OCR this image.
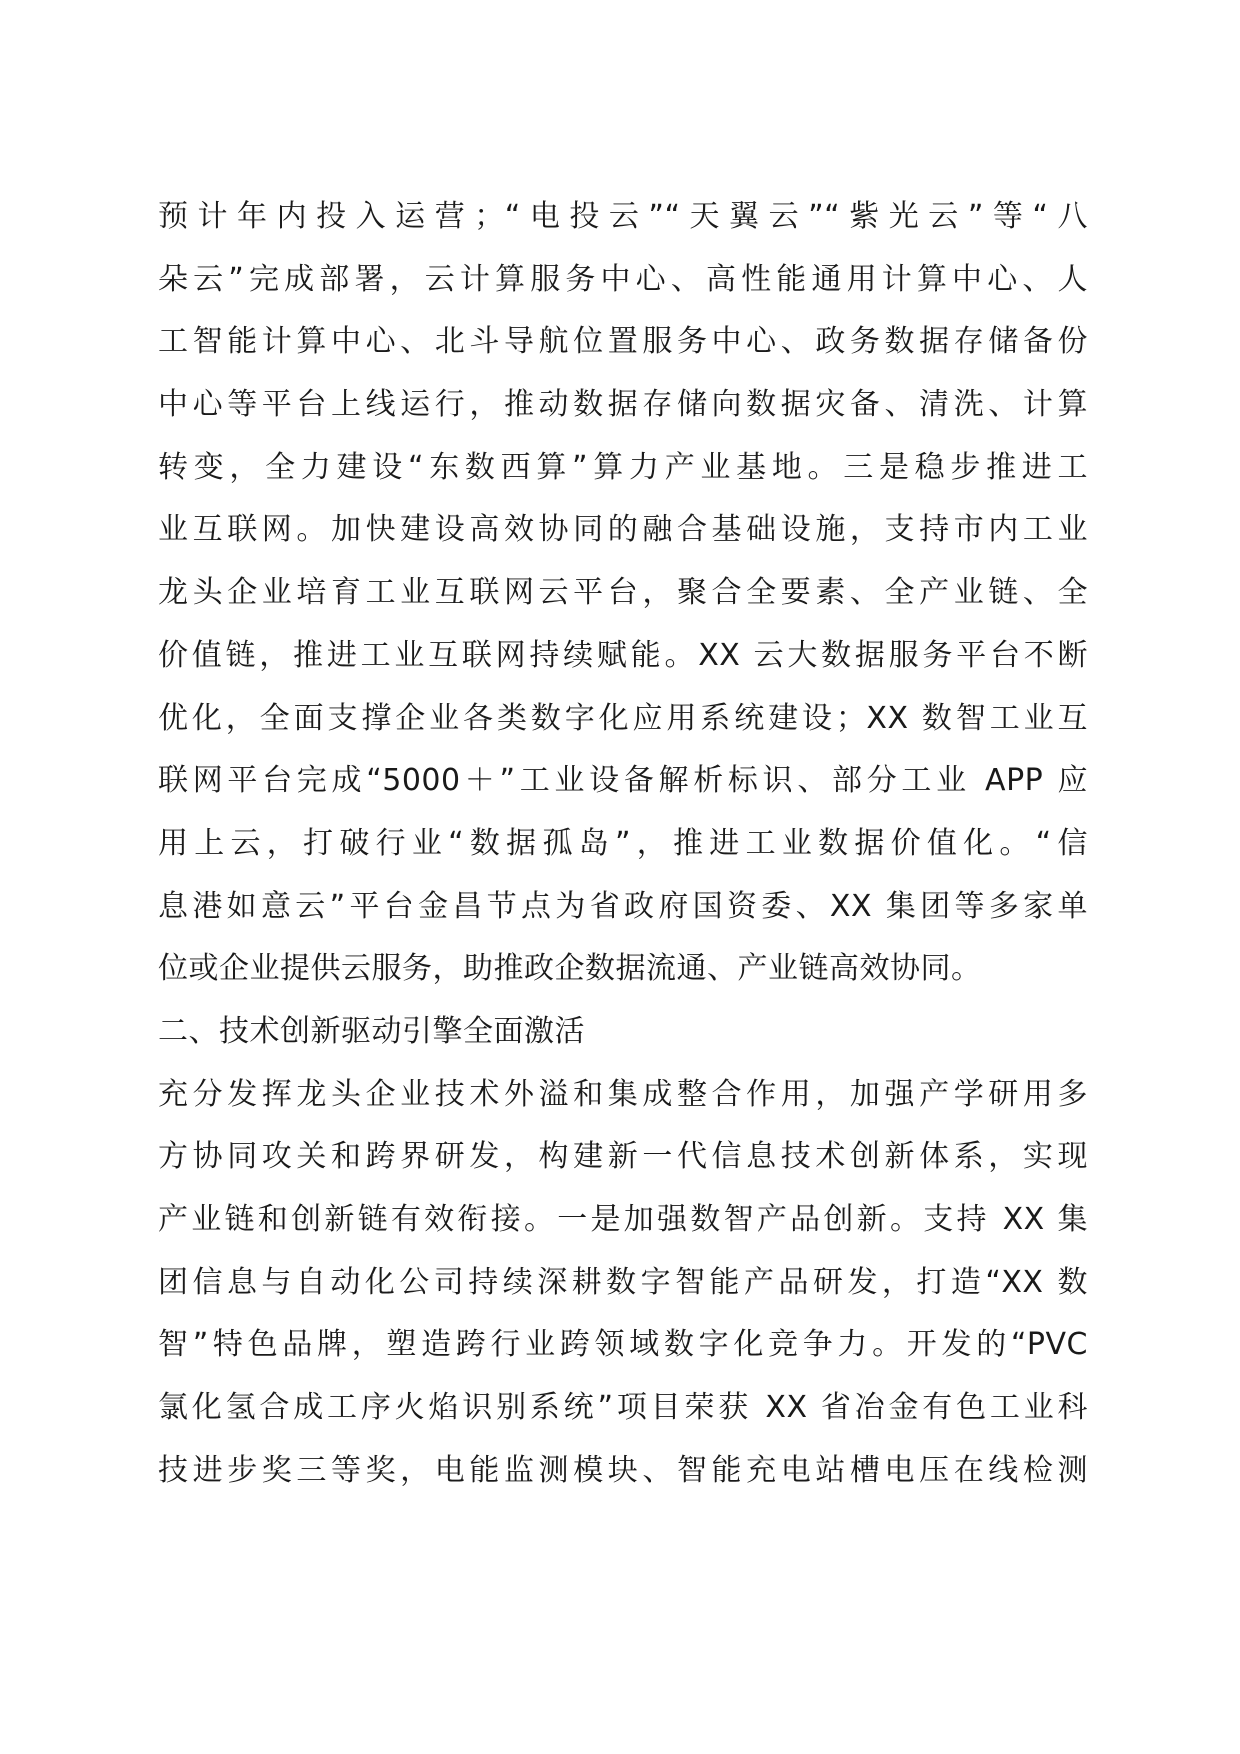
预计年内投入运营；“电投云”“天翼云”“紫光云”等“八
朵云”完成部署，云计算服务中心、高性能通用计算中心、人
工智能计算中心、北斗导航位置服务中心、政务数据存储备份
中心等平台上线运行，推动数据存储向数据灾备、清洗、计算
转变，全力建设“东数西算”算力产业基地。三是稳步推进工
业互联网。加快建设高效协同的融合基础设施，支持市内工业
龙头企业培育工业互联网云平台，聚合全要素、全产业链、全
价值链，推进工业互联网持续赋能。XX 云大数据服务平台不断
优化，全面支撑企业各类数字化应用系统建设；XX 数智工业互
联网平台完成“5000＋”工业设备解析标识、部分工业 APP 应
用上云，打破行业“数据孤岛”，推进工业数据价值化。“信
息港如意云”平台金昌节点为省政府国资委、XX 集团等多家单
位或企业提供云服务，助推政企数据流通、产业链高效协同。
二、技术创新驱动引擎全面激活
充分发挥龙头企业技术外溢和集成整合作用，加强产学研用多
方协同攻关和跨界研发，构建新一代信息技术创新体系，实现
产业链和创新链有效衔接。一是加强数智产品创新。支持 XX 集
团信息与自动化公司持续深耕数字智能产品研发，打造“XX 数
智”特色品牌，塑造跨行业跨领域数字化竞争力。开发的“PVC
氯化氢合成工序火焰识别系统”项目荣获 XX 省冶金有色工业科
技进步奖三等奖，电能监测模块、智能充电站槽电压在线检测
